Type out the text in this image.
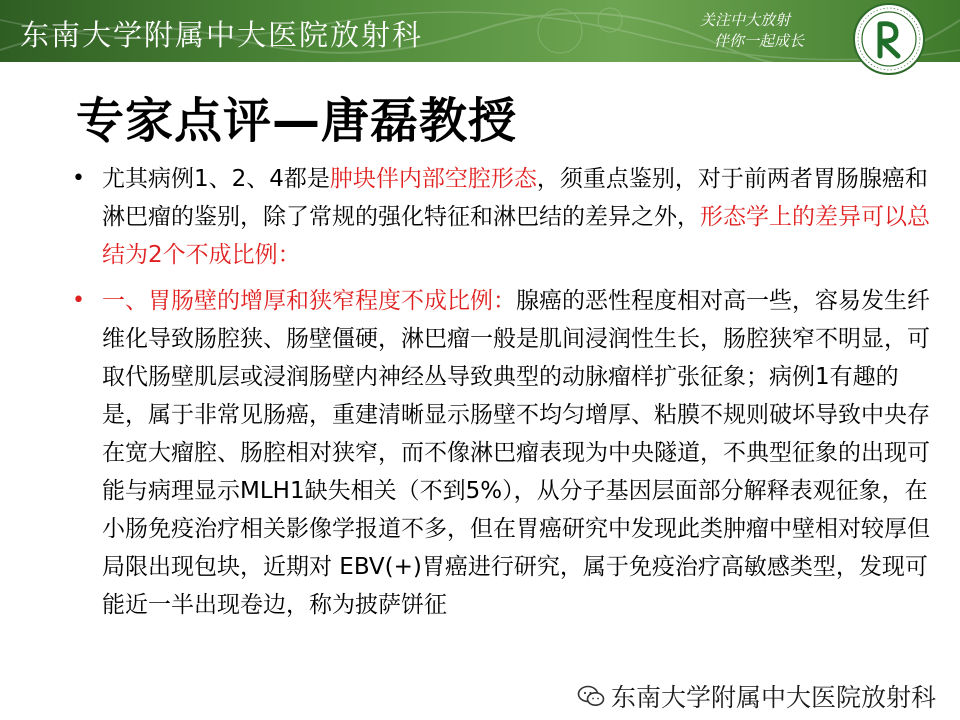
东南大学附属中大医院放射科	关注中大放射
伴你一起成长
专家点评—唐磊教授
• 尤其病例1、2、4都是肿块伴内部空腔形态，须重点鉴别，对于前两者胃肠腺癌和淋巴瘤的鉴别，除了常规的强化特征和淋巴结的差异之外，形态学上的差异可以总结为2个不成比例：
• 一、胃肠壁的增厚和狭窄程度不成比例：腺癌的恶性程度相对高一些，容易发生纤维化导致肠腔狭、肠壁僵硬，淋巴瘤一般是肌间浸润性生长，肠腔狭窄不明显，可取代肠壁肌层或浸润肠壁内神经丛导致典型的动脉瘤样扩张征象；病例1有趣的是，属于非常见肠癌，重建清晰显示肠壁不均匀增厚、粘膜不规则破坏导致中央存在宽大瘤腔、肠腔相对狭窄，而不像淋巴瘤表现为中央隧道，不典型征象的出现可能与病理显示MLH1缺失相关（不到5%），从分子基因层面部分解释表观征象，在小肠免疫治疗相关影像学报道不多，但在胃癌研究中发现此类肿瘤中壁相对较厚但局限出现包块，近期对 EBV(+)胃癌进行研究，属于免疫治疗高敏感类型，发现可能近一半出现卷边，称为披萨饼征
东南大学附属中大医院放射科
